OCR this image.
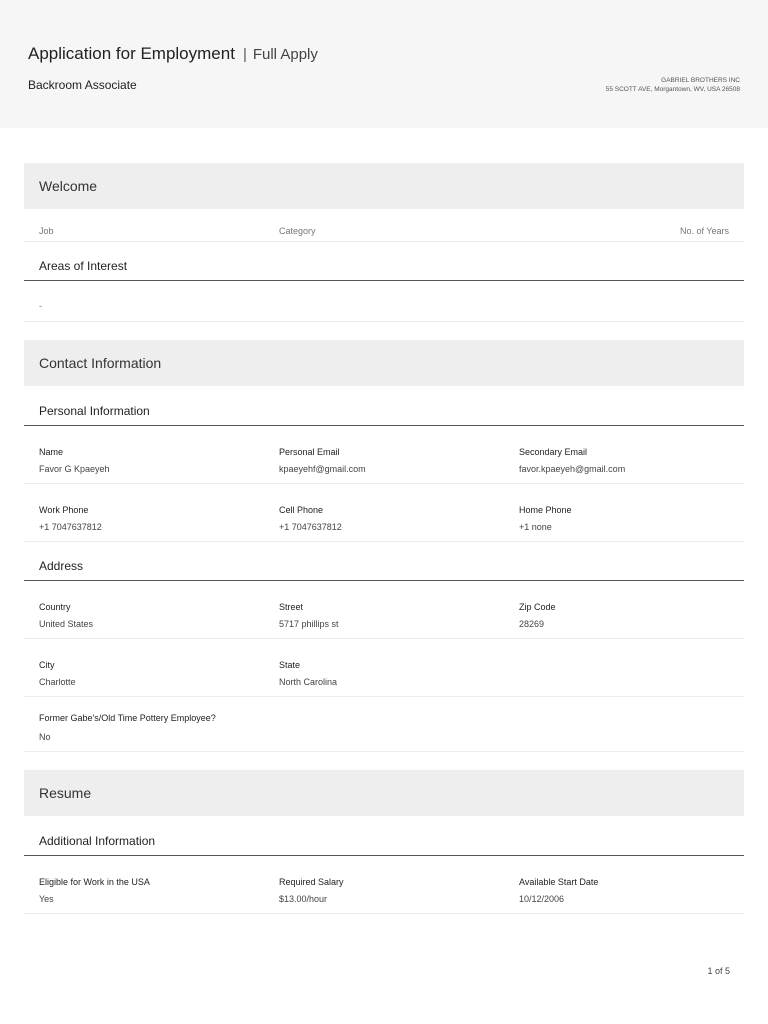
Application for Employment | Full Apply
Backroom Associate	GABRIEL BROTHERS INC
55 SCOTT AVE, Morgantown, WV, USA 26508
Welcome
Job	Category	No. of Years
Areas of Interest
-
Contact Information
Personal Information
Name
Favor G Kpaeyeh
Personal Email
kpaeyehf@gmail.com
Secondary Email
favor.kpaeyeh@gmail.com
Work Phone
+1 7047637812
Cell Phone
+1 7047637812
Home Phone
+1 none
Address
Country
United States
Street
5717 phillips st
Zip Code
28269
City
Charlotte
State
North Carolina
Former Gabe's/Old Time Pottery Employee?
No
Resume
Additional Information
Eligible for Work in the USA
Yes
Required Salary
$13.00/hour
Available Start Date
10/12/2006
1 of 5
